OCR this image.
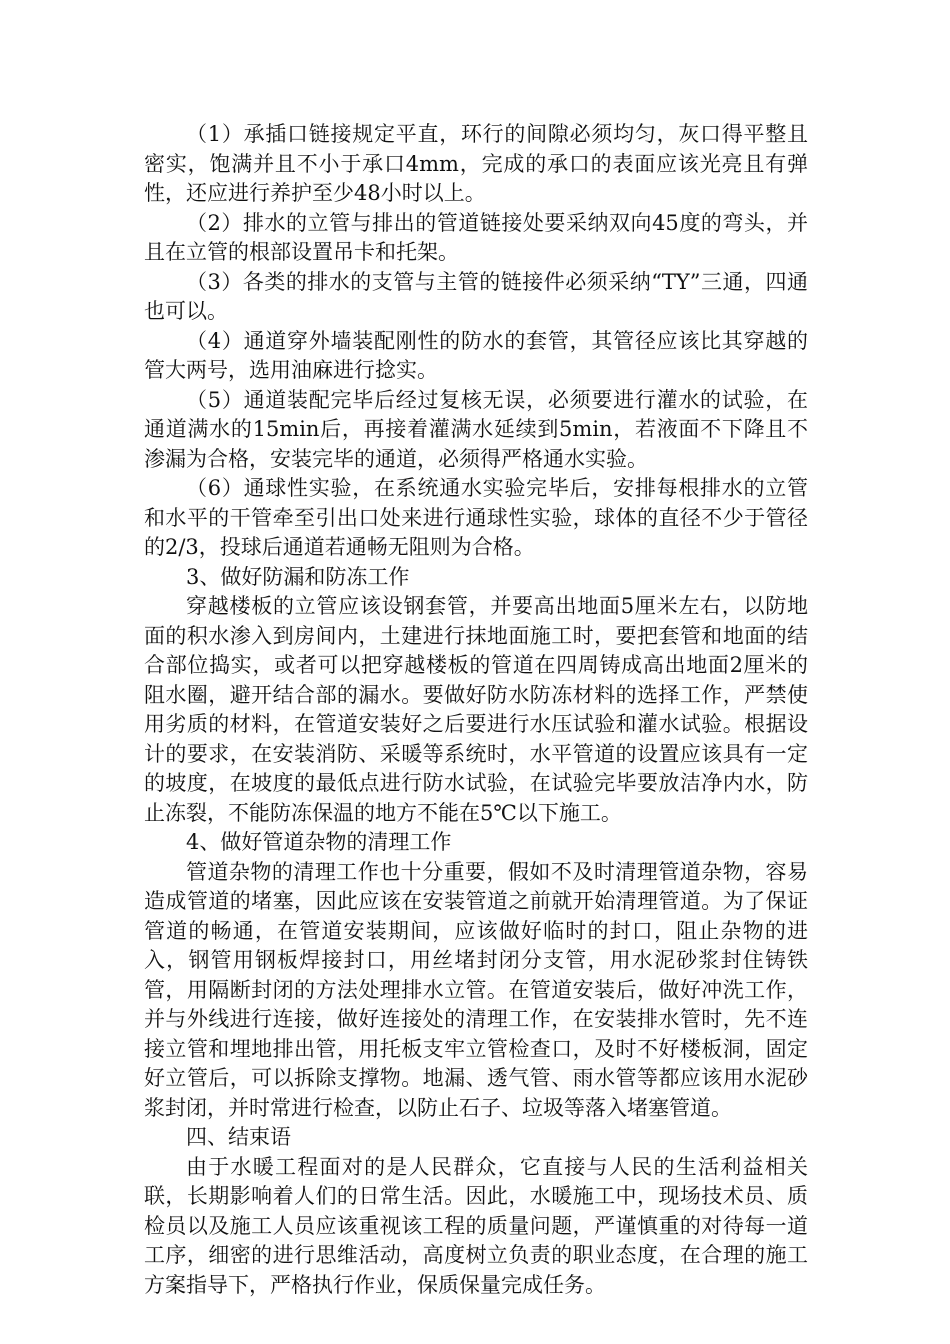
（1）承插口链接规定平直，环行的间隙必须均匀，灰口得平整且密实，饱满并且不小于承口4mm，完成的承口的表面应该光亮且有弹性，还应进行养护至少48小时以上。

（2）排水的立管与排出的管道链接处要采纳双向45度的弯头，并且在立管的根部设置吊卡和托架。

（3）各类的排水的支管与主管的链接件必须采纳“TY”三通，四通也可以。

（4）通道穿外墙装配刚性的防水的套管，其管径应该比其穿越的管大两号，选用油麻进行捻实。

（5）通道装配完毕后经过复核无误，必须要进行灌水的试验，在通道满水的15min后，再接着灌满水延续到5min，若液面不下降且不渗漏为合格，安装完毕的通道，必须得严格通水实验。

（6）通球性实验，在系统通水实验完毕后，安排每根排水的立管和水平的干管牵至引出口处来进行通球性实验，球体的直径不少于管径的2/3，投球后通道若通畅无阻则为合格。

3、做好防漏和防冻工作

穿越楼板的立管应该设钢套管，并要高出地面5厘米左右，以防地面的积水渗入到房间内，土建进行抹地面施工时，要把套管和地面的结合部位捣实，或者可以把穿越楼板的管道在四周铸成高出地面2厘米的阻水圈，避开结合部的漏水。要做好防水防冻材料的选择工作，严禁使用劣质的材料，在管道安装好之后要进行水压试验和灌水试验。根据设计的要求，在安装消防、采暖等系统时，水平管道的设置应该具有一定的坡度，在坡度的最低点进行防水试验，在试验完毕要放洁净内水，防止冻裂，不能防冻保温的地方不能在5℃以下施工。

4、做好管道杂物的清理工作

管道杂物的清理工作也十分重要，假如不及时清理管道杂物，容易造成管道的堵塞，因此应该在安装管道之前就开始清理管道。为了保证管道的畅通，在管道安装期间，应该做好临时的封口，阻止杂物的进入，钢管用钢板焊接封口，用丝堵封闭分支管，用水泥砂浆封住铸铁管，用隔断封闭的方法处理排水立管。在管道安装后，做好冲洗工作，并与外线进行连接，做好连接处的清理工作，在安装排水管时，先不连接立管和埋地排出管，用托板支牢立管检查口，及时不好楼板洞，固定好立管后，可以拆除支撑物。地漏、透气管、雨水管等都应该用水泥砂浆封闭，并时常进行检查，以防止石子、垃圾等落入堵塞管道。

四、结束语

由于水暖工程面对的是人民群众，它直接与人民的生活利益相关联，长期影响着人们的日常生活。因此，水暖施工中，现场技术员、质检员以及施工人员应该重视该工程的质量问题，严谨慎重的对待每一道工序，细密的进行思维活动，高度树立负责的职业态度，在合理的施工方案指导下，严格执行作业，保质保量完成任务。
